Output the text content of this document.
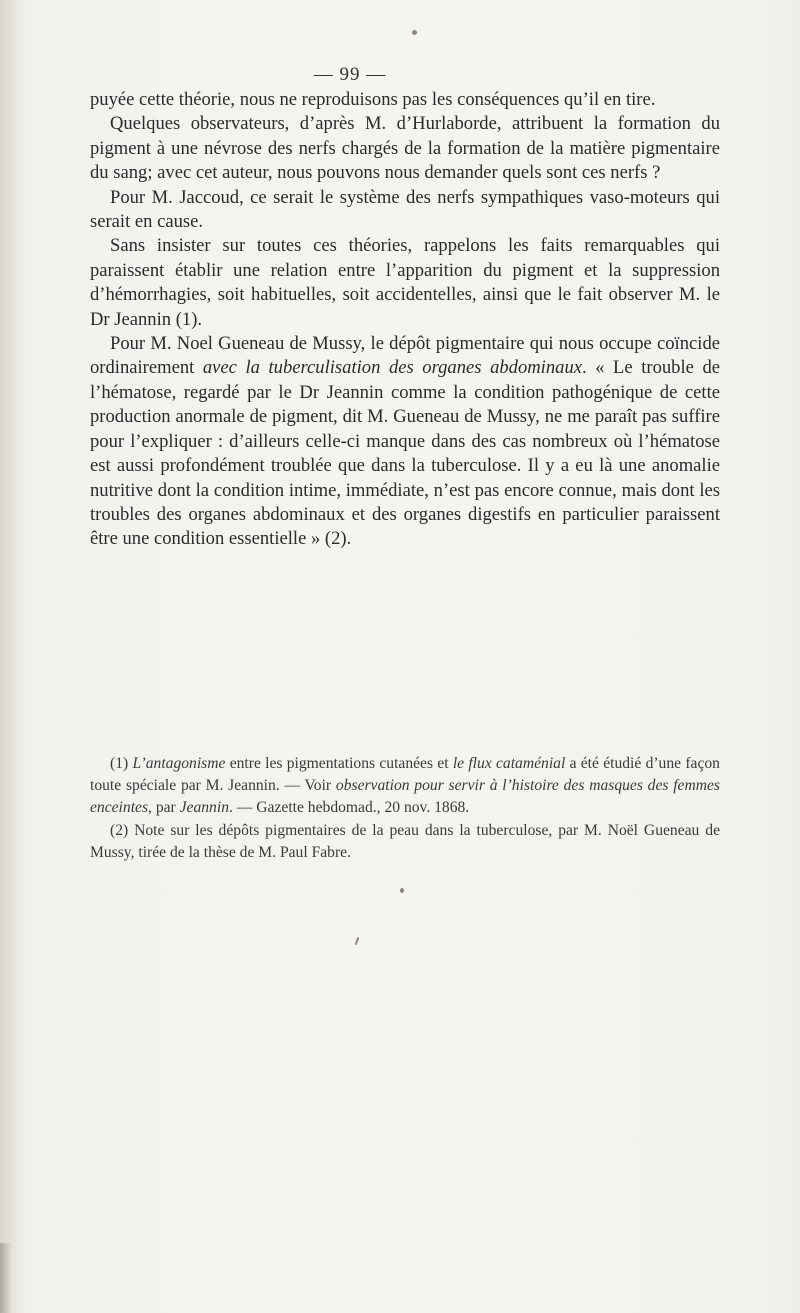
— 99 —

puyée cette théorie, nous ne reproduisons pas les conséquences qu’il en tire.

Quelques observateurs, d’après M. d’Hurlaborde, attribuent la formation du pigment à une névrose des nerfs chargés de la formation de la matière pigmentaire du sang; avec cet auteur, nous pouvons nous demander quels sont ces nerfs ?

Pour M. Jaccoud, ce serait le système des nerfs sympathiques vaso-moteurs qui serait en cause.

Sans insister sur toutes ces théories, rappelons les faits remarquables qui paraissent établir une relation entre l’apparition du pigment et la suppression d’hémorrhagies, soit habituelles, soit accidentelles, ainsi que le fait observer M. le Dr Jeannin (1).

Pour M. Noel Gueneau de Mussy, le dépôt pigmentaire qui nous occupe coïncide ordinairement avec la tuberculisation des organes abdominaux. « Le trouble de l’hématose, regardé par le Dr Jeannin comme la condition pathogénique de cette production anormale de pigment, dit M. Gueneau de Mussy, ne me paraît pas suffire pour l’expliquer : d’ailleurs celle-ci manque dans des cas nombreux où l’hématose est aussi profondément troublée que dans la tuberculose. Il y a eu là une anomalie nutritive dont la condition intime, immédiate, n’est pas encore connue, mais dont les troubles des organes abdominaux et des organes digestifs en particulier paraissent être une condition essentielle » (2).

(1) L’antagonisme entre les pigmentations cutanées et le flux cataménial a été étudié d’une façon toute spéciale par M. Jeannin. — Voir observation pour servir à l’histoire des masques des femmes enceintes, par Jeannin. — Gazette hebdomad., 20 nov. 1868.

(2) Note sur les dépôts pigmentaires de la peau dans la tuberculose, par M. Noël Gueneau de Mussy, tirée de la thèse de M. Paul Fabre.
